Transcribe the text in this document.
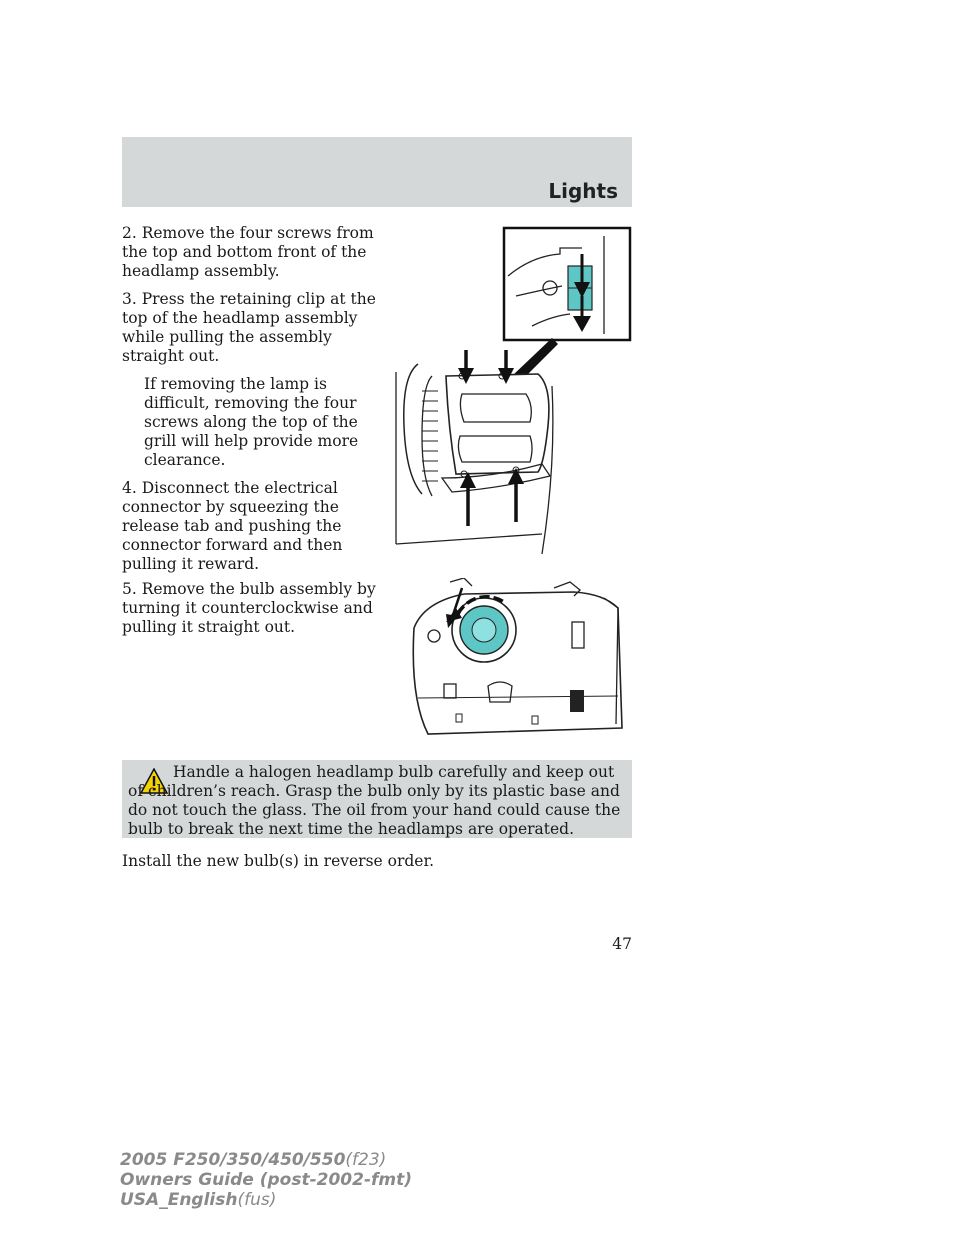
Lights

2. Remove the four screws from the top and bottom front of the headlamp assembly.

3. Press the retaining clip at the top of the headlamp assembly while pulling the assembly straight out.

If removing the lamp is difficult, removing the four screws along the top of the grill will help provide more clearance.

4. Disconnect the electrical connector by squeezing the release tab and pushing the connector forward and then pulling it reward.

5. Remove the bulb assembly by turning it counterclockwise and pulling it straight out.

Handle a halogen headlamp bulb carefully and keep out of children’s reach. Grasp the bulb only by its plastic base and do not touch the glass. The oil from your hand could cause the bulb to break the next time the headlamps are operated.
Install the new bulb(s) in reverse order.
47
2005 F250/350/450/550(f23)
Owners Guide (post-2002-fmt)
USA_English(fus)
